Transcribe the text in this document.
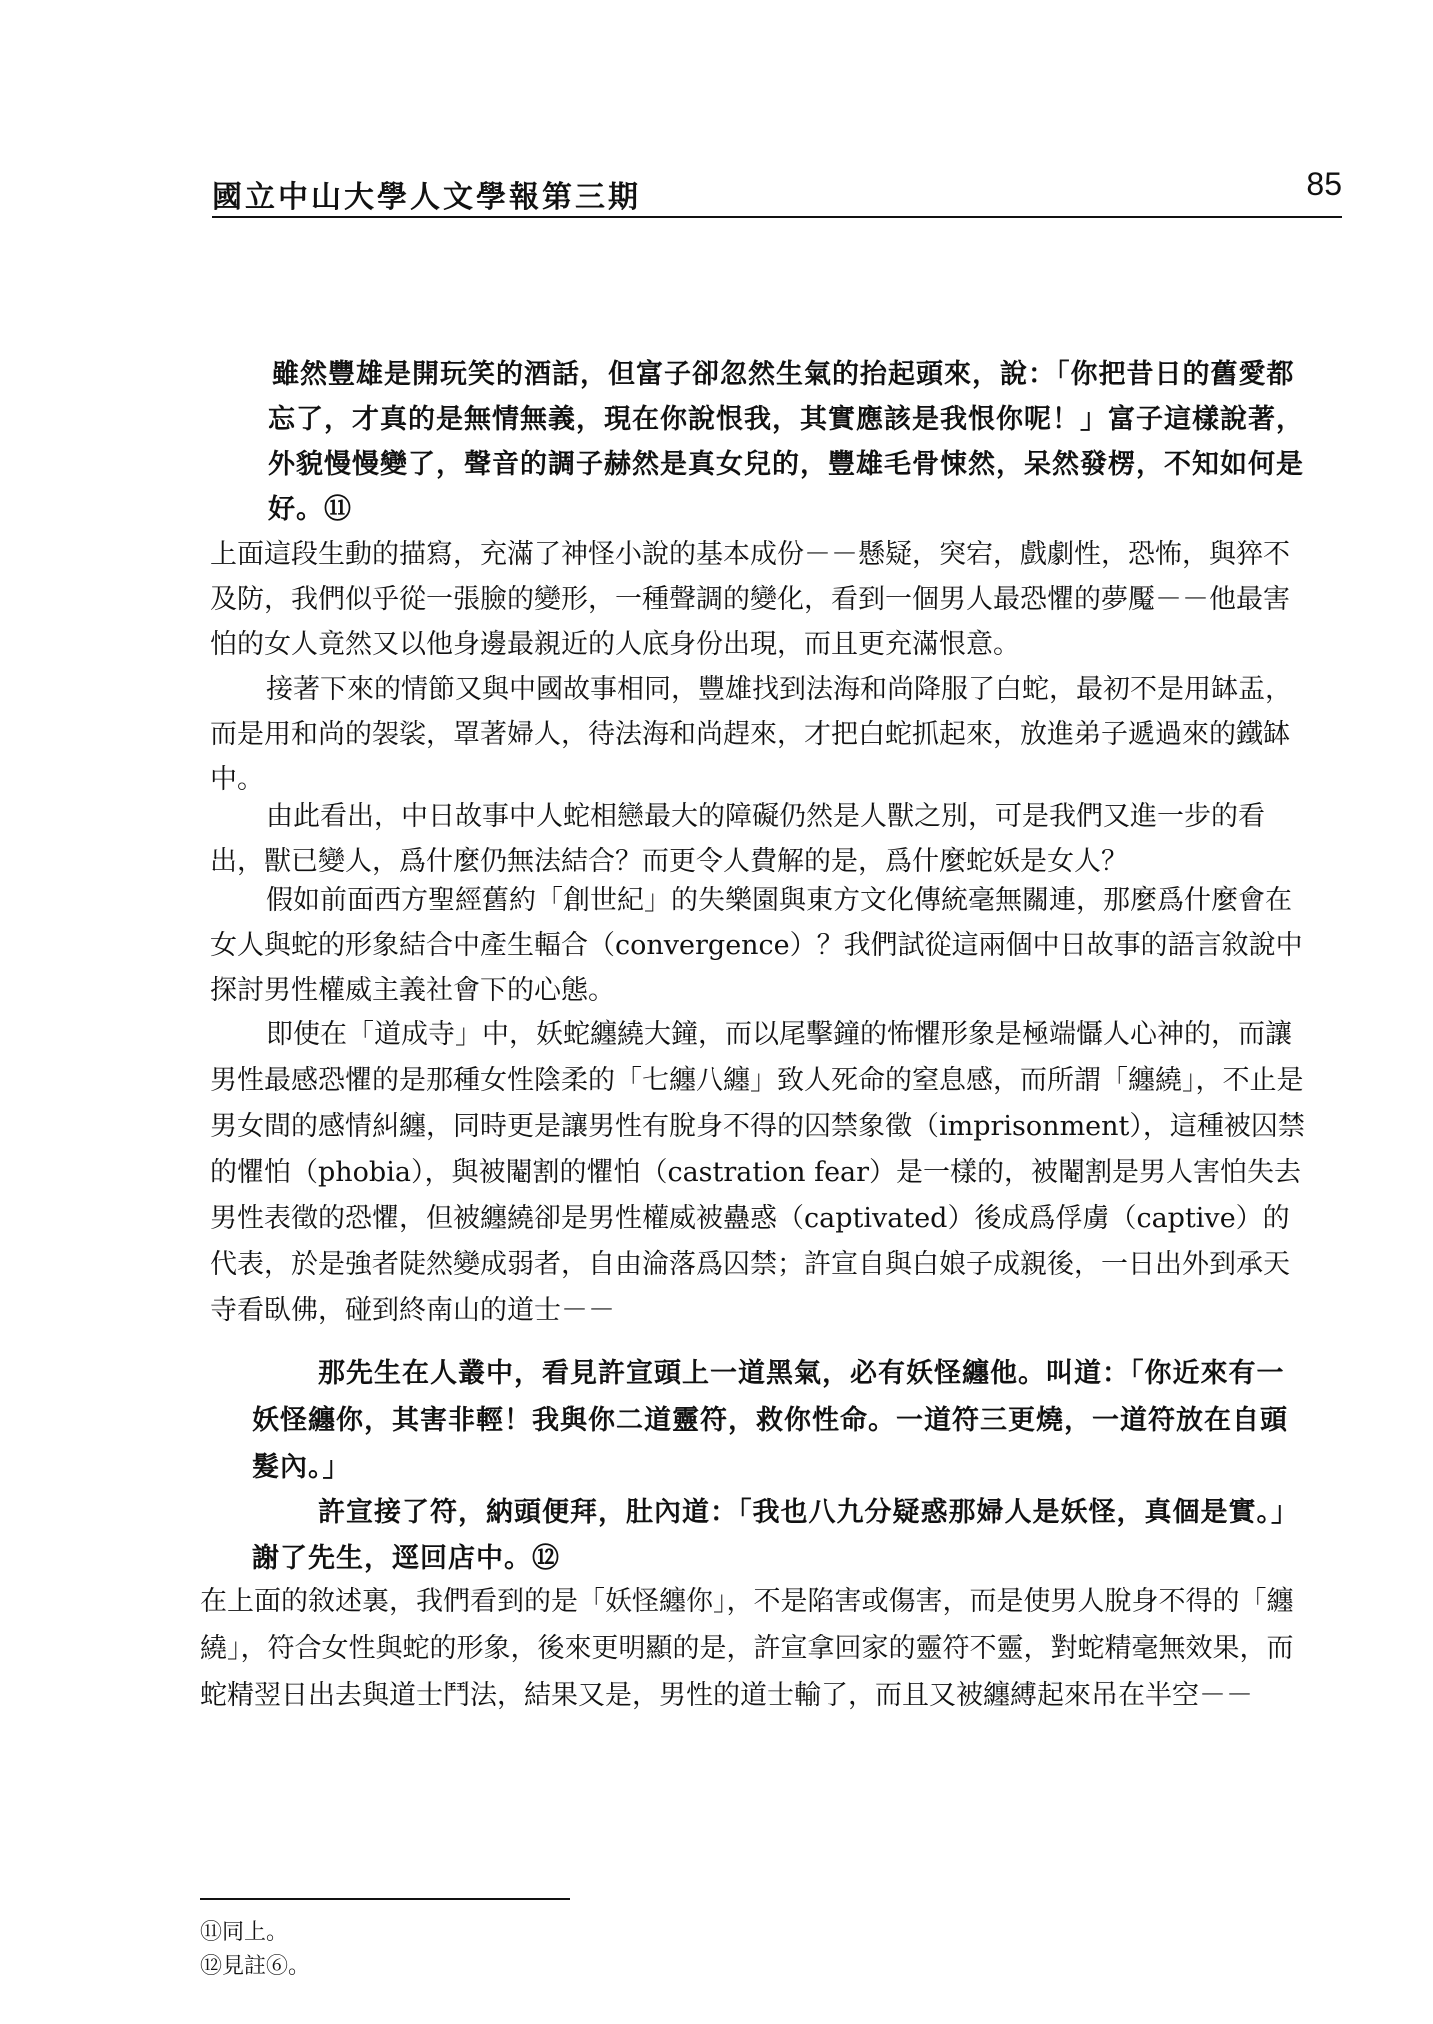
國立中山大學人文學報第三期	85

雖然豐雄是開玩笑的酒話，但富子卻忽然生氣的抬起頭來，說：「你把昔日的舊愛都忘了，才真的是無情無義，現在你說恨我，其實應該是我恨你呢！」富子這樣說著，外貌慢慢變了，聲音的調子赫然是真女兒的，豐雄毛骨悚然，呆然發楞，不知如何是好。⑪

上面這段生動的描寫，充滿了神怪小說的基本成份－－懸疑，突宕，戲劇性，恐怖，與猝不及防，我們似乎從一張臉的變形，一種聲調的變化，看到一個男人最恐懼的夢魘－－他最害怕的女人竟然又以他身邊最親近的人底身份出現，而且更充滿恨意。

接著下來的情節又與中國故事相同，豐雄找到法海和尚降服了白蛇，最初不是用缽盂，而是用和尚的袈裟，罩著婦人，待法海和尚趕來，才把白蛇抓起來，放進弟子遞過來的鐵缽中。

由此看出，中日故事中人蛇相戀最大的障礙仍然是人獸之別，可是我們又進一步的看出，獸已變人，爲什麼仍無法結合？而更令人費解的是，爲什麼蛇妖是女人？

假如前面西方聖經舊約「創世紀」的失樂園與東方文化傳統毫無關連，那麼爲什麼會在女人與蛇的形象結合中產生輻合（convergence）？我們試從這兩個中日故事的語言敘說中探討男性權威主義社會下的心態。

即使在「道成寺」中，妖蛇纏繞大鐘，而以尾擊鐘的怖懼形象是極端懾人心神的，而讓男性最感恐懼的是那種女性陰柔的「七纏八纏」致人死命的窒息感，而所謂「纏繞」，不止是男女間的感情糾纏，同時更是讓男性有脫身不得的囚禁象徵（imprisonment），這種被囚禁的懼怕（phobia），與被閹割的懼怕（castration fear）是一樣的，被閹割是男人害怕失去男性表徵的恐懼，但被纏繞卻是男性權威被蠱惑（captivated）後成爲俘虜（captive）的代表，於是強者陡然變成弱者，自由淪落爲囚禁；許宣自與白娘子成親後，一日出外到承天寺看臥佛，碰到終南山的道士－－

那先生在人叢中，看見許宣頭上一道黑氣，必有妖怪纏他。叫道：「你近來有一妖怪纏你，其害非輕！我與你二道靈符，救你性命。一道符三更燒，一道符放在自頭髮內。」

許宣接了符，納頭便拜，肚內道：「我也八九分疑惑那婦人是妖怪，真個是實。」謝了先生，逕回店中。⑫

在上面的敘述裏，我們看到的是「妖怪纏你」，不是陷害或傷害，而是使男人脫身不得的「纏繞」，符合女性與蛇的形象，後來更明顯的是，許宣拿回家的靈符不靈，對蛇精毫無效果，而蛇精翌日出去與道士鬥法，結果又是，男性的道士輸了，而且又被纏縛起來吊在半空－－

⑪同上。
⑫見註⑥。
